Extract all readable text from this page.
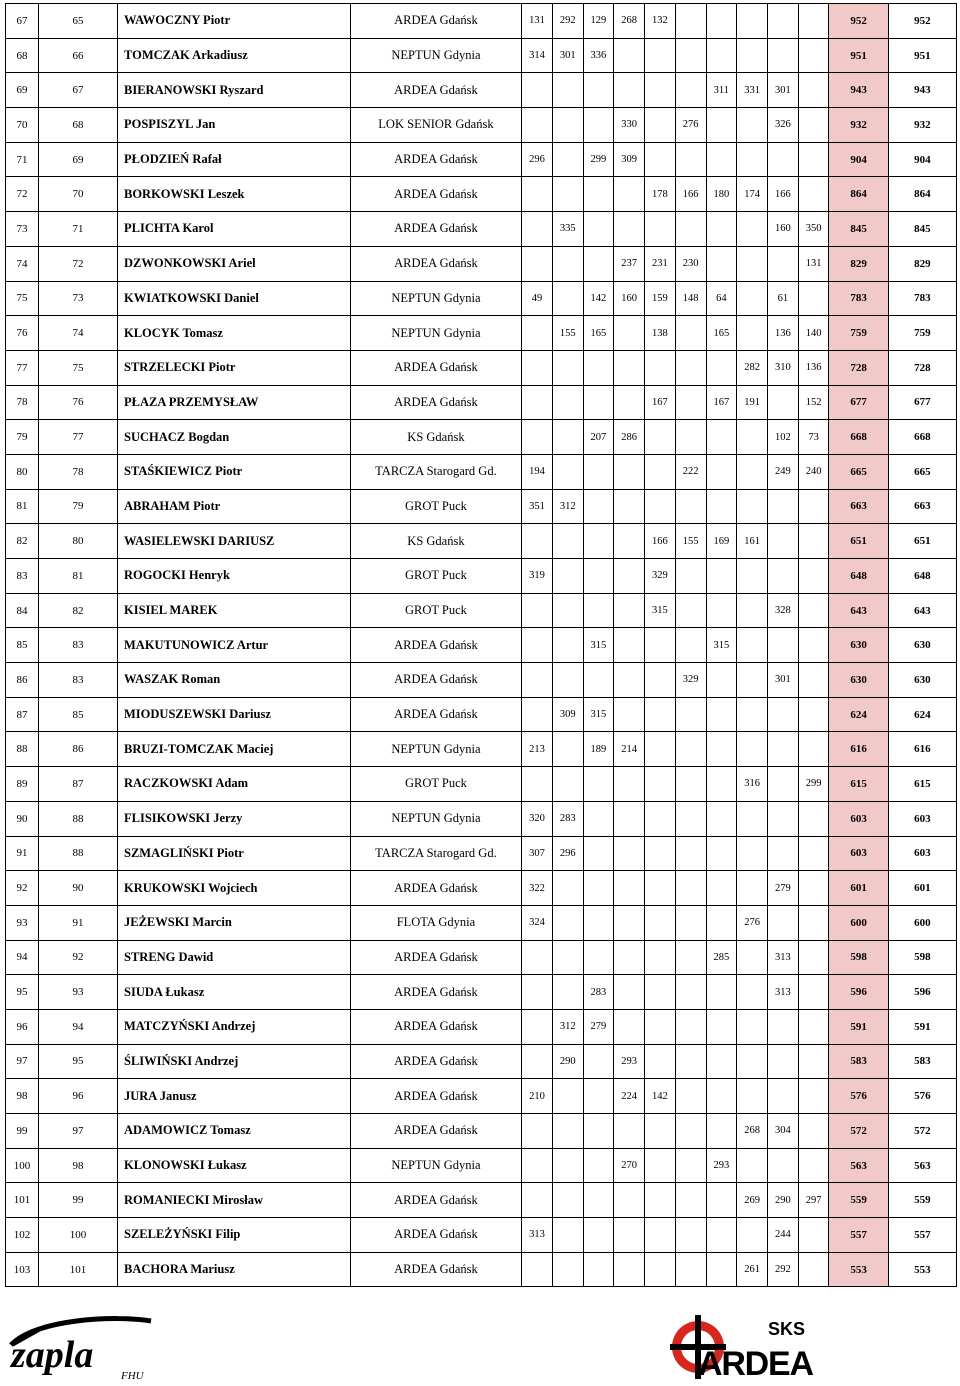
67	65	WAWOCZNY Piotr	ARDEA Gdańsk	131	292	129	268	132						952	952
68	66	TOMCZAK Arkadiusz	NEPTUN Gdynia	314	301	336								951	951
69	67	BIERANOWSKI Ryszard	ARDEA Gdańsk							311	331	301		943	943
70	68	POSPISZYL Jan	LOK SENIOR Gdańsk				330		276			326		932	932
71	69	PŁODZIEŃ Rafał	ARDEA Gdańsk	296		299	309							904	904
72	70	BORKOWSKI Leszek	ARDEA Gdańsk					178	166	180	174	166		864	864
73	71	PLICHTA Karol	ARDEA Gdańsk		335							160	350	845	845
74	72	DZWONKOWSKI Ariel	ARDEA Gdańsk				237	231	230				131	829	829
75	73	KWIATKOWSKI Daniel	NEPTUN Gdynia	49		142	160	159	148	64		61		783	783
76	74	KLOCYK Tomasz	NEPTUN Gdynia		155	165		138		165		136	140	759	759
77	75	STRZELECKI Piotr	ARDEA Gdańsk								282	310	136	728	728
78	76	PŁAZA PRZEMYSŁAW	ARDEA Gdańsk					167		167	191		152	677	677
79	77	SUCHACZ Bogdan	KS Gdańsk			207	286					102	73	668	668
80	78	STAŚKIEWICZ Piotr	TARCZA Starogard Gd.	194					222			249	240	665	665
81	79	ABRAHAM Piotr	GROT Puck	351	312									663	663
82	80	WASIELEWSKI DARIUSZ	KS Gdańsk					166	155	169	161			651	651
83	81	ROGOCKI Henryk	GROT Puck	319				329						648	648
84	82	KISIEL MAREK	GROT Puck					315				328		643	643
85	83	MAKUTUNOWICZ Artur	ARDEA Gdańsk			315				315				630	630
86	83	WASZAK Roman	ARDEA Gdańsk						329			301		630	630
87	85	MIODUSZEWSKI Dariusz	ARDEA Gdańsk		309	315								624	624
88	86	BRUZI-TOMCZAK Maciej	NEPTUN Gdynia	213		189	214							616	616
89	87	RACZKOWSKI Adam	GROT Puck								316		299	615	615
90	88	FLISIKOWSKI Jerzy	NEPTUN Gdynia	320	283									603	603
91	88	SZMAGLIŃSKI Piotr	TARCZA Starogard Gd.	307	296									603	603
92	90	KRUKOWSKI Wojciech	ARDEA Gdańsk	322								279		601	601
93	91	JEŻEWSKI Marcin	FLOTA Gdynia	324							276			600	600
94	92	STRENG Dawid	ARDEA Gdańsk							285		313		598	598
95	93	SIUDA Łukasz	ARDEA Gdańsk			283						313		596	596
96	94	MATCZYŃSKI Andrzej	ARDEA Gdańsk		312	279								591	591
97	95	ŚLIWIŃSKI Andrzej	ARDEA Gdańsk		290		293							583	583
98	96	JURA Janusz	ARDEA Gdańsk	210			224	142						576	576
99	97	ADAMOWICZ Tomasz	ARDEA Gdańsk								268	304		572	572
100	98	KLONOWSKI Łukasz	NEPTUN Gdynia				270			293				563	563
101	99	ROMANIECKI Mirosław	ARDEA Gdańsk								269	290	297	559	559
102	100	SZELEŻYŃSKI Filip	ARDEA Gdańsk	313								244		557	557
103	101	BACHORA Mariusz	ARDEA Gdańsk								261	292		553	553
zapla	FHU
SKS
ARDEA
